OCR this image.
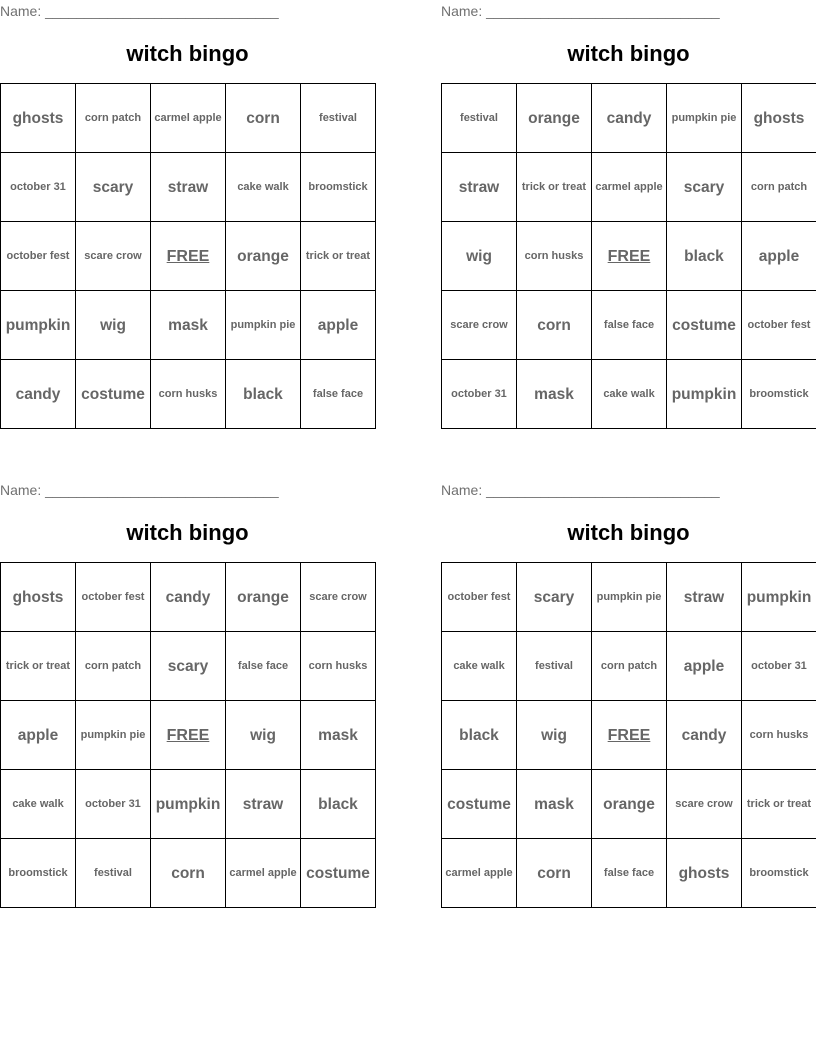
Name: ______________________________
witch bingo
ghosts	corn patch	carmel apple	corn	festival
october 31	scary	straw	cake walk	broomstick
october fest	scare crow	FREE	orange	trick or treat
pumpkin	wig	mask	pumpkin pie	apple
candy	costume	corn husks	black	false face
Name: ______________________________
witch bingo
festival	orange	candy	pumpkin pie	ghosts
straw	trick or treat	carmel apple	scary	corn patch
wig	corn husks	FREE	black	apple
scare crow	corn	false face	costume	october fest
october 31	mask	cake walk	pumpkin	broomstick
Name: ______________________________
witch bingo
ghosts	october fest	candy	orange	scare crow
trick or treat	corn patch	scary	false face	corn husks
apple	pumpkin pie	FREE	wig	mask
cake walk	october 31	pumpkin	straw	black
broomstick	festival	corn	carmel apple	costume
Name: ______________________________
witch bingo
october fest	scary	pumpkin pie	straw	pumpkin
cake walk	festival	corn patch	apple	october 31
black	wig	FREE	candy	corn husks
costume	mask	orange	scare crow	trick or treat
carmel apple	corn	false face	ghosts	broomstick
